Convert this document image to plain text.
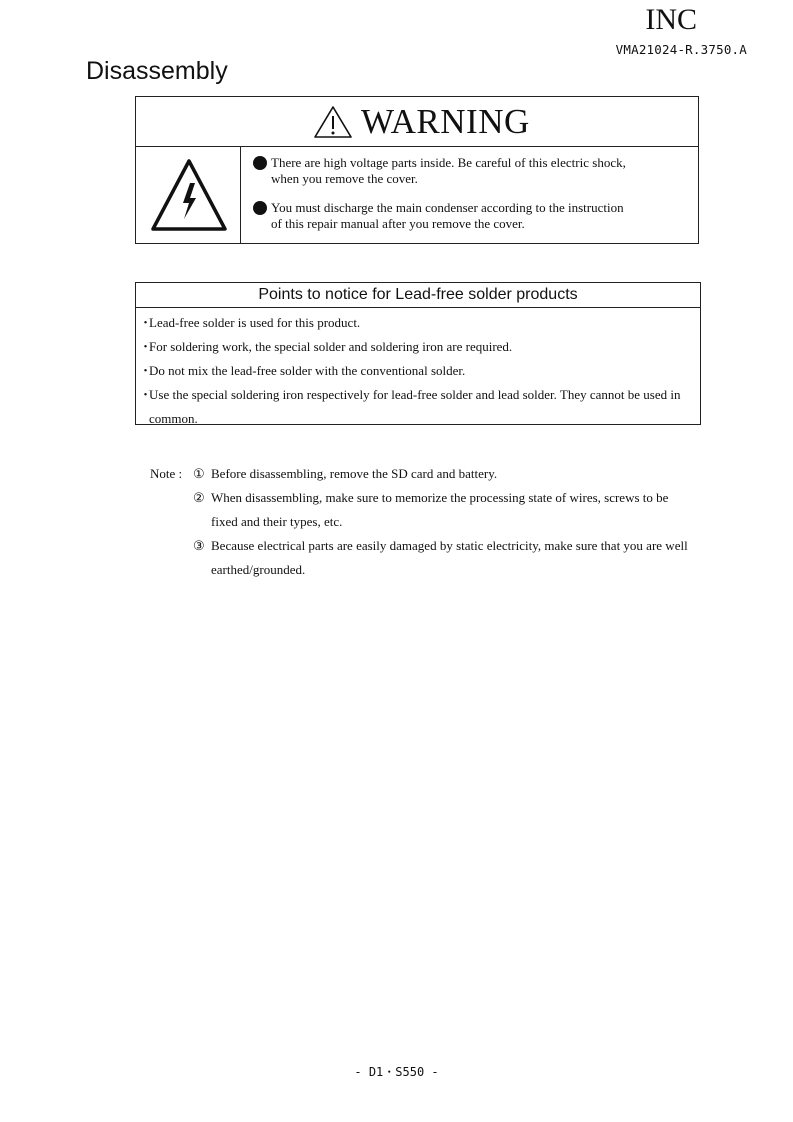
INC
VMA21024-R.3750.A
Disassembly
WARNING
There are high voltage parts inside. Be careful of this electric shock,
when you remove the cover.
You must discharge the main condenser according to the instruction
of this repair manual after you remove the cover.
Points to notice for Lead-free solder products
・
Lead-free solder is used for this product.
・
For soldering work, the special solder and soldering iron are required.
・
Do not mix the lead-free solder with the conventional solder.
・
Use the special soldering iron respectively for lead-free solder and lead solder. They cannot be used in common.
Note : ① Before disassembling, remove the SD card and battery.
② When disassembling, make sure to memorize the processing state of wires, screws to be fixed and their types, etc.
③ Because electrical parts are easily damaged by static electricity, make sure that you are well earthed/grounded.
- D1・S550 -
